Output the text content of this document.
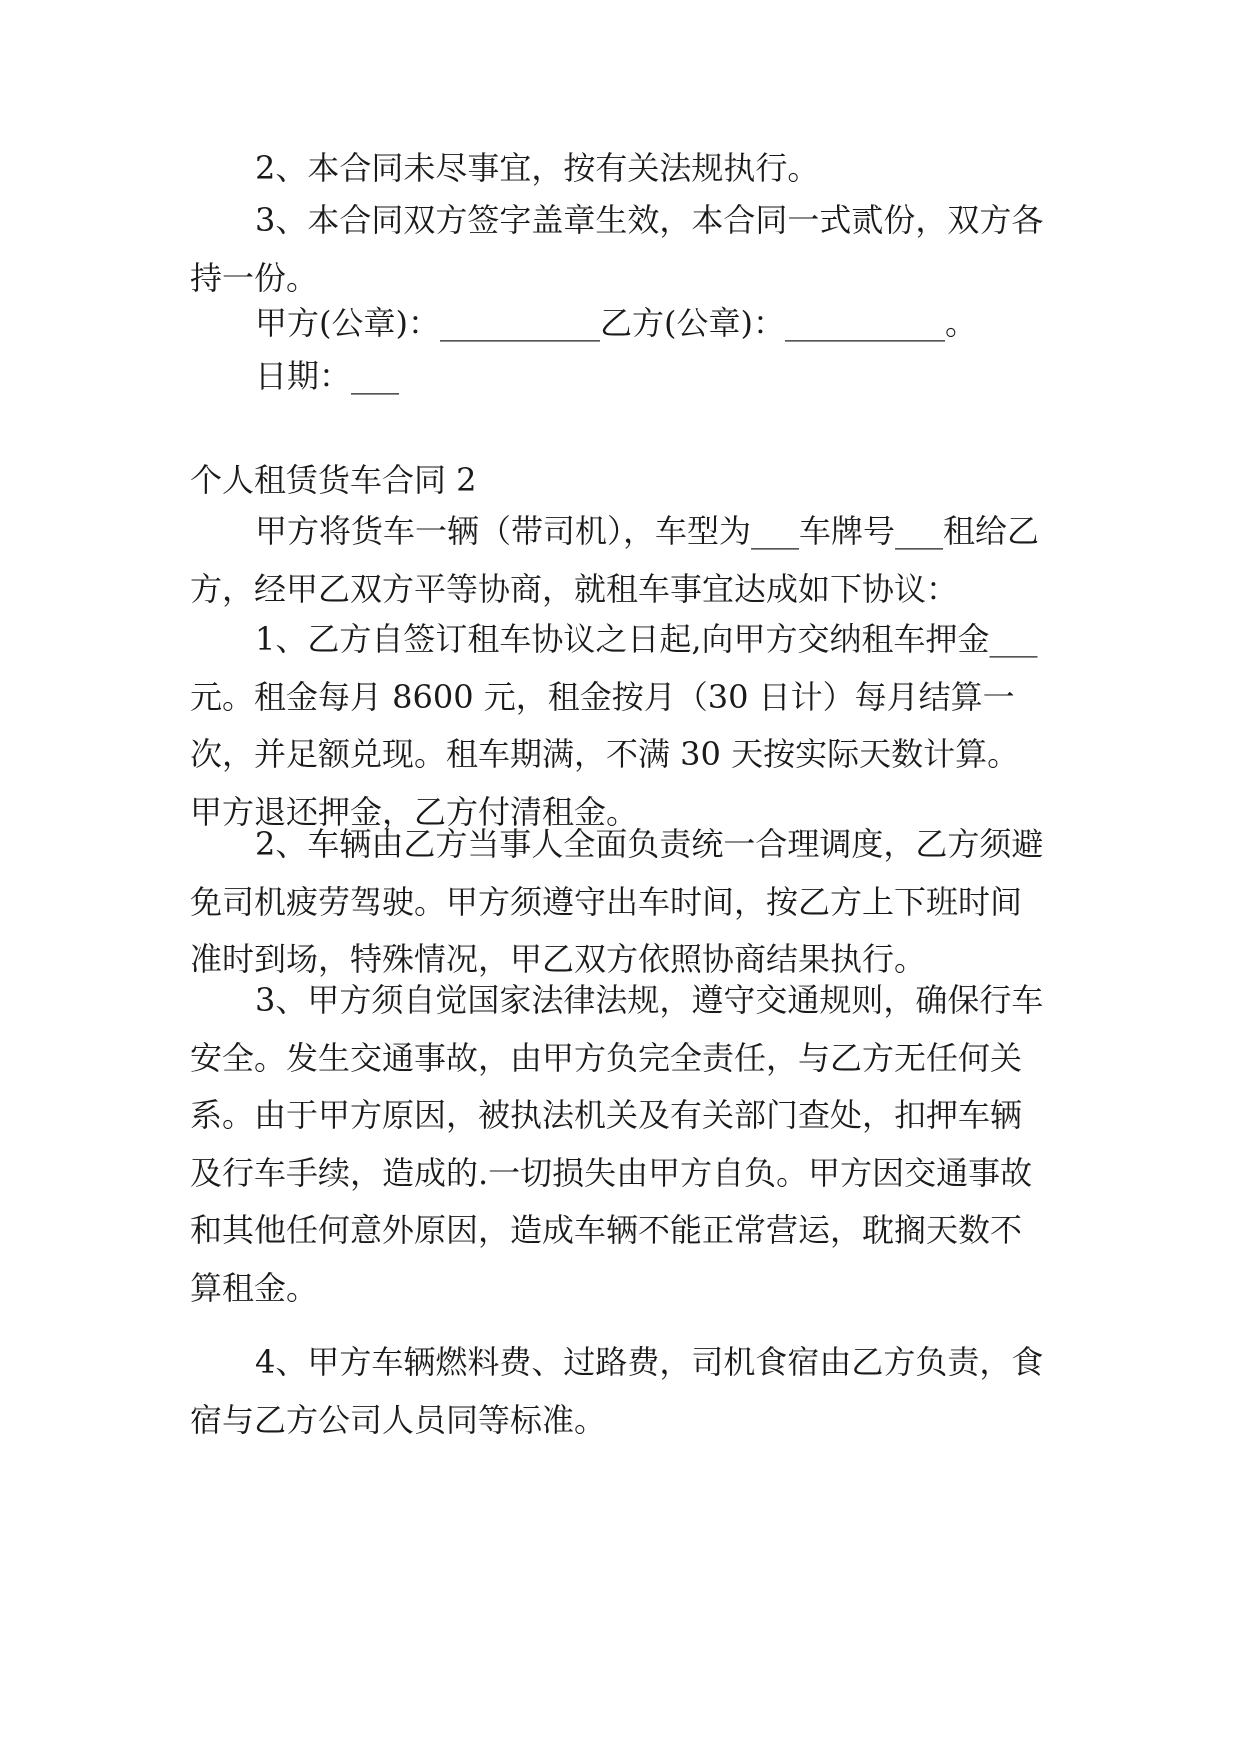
2、本合同未尽事宜，按有关法规执行。

3、本合同双方签字盖章生效，本合同一式贰份，双方各持一份。

甲方(公章)：__________乙方(公章)：__________。

日期：___

个人租赁货车合同 2

甲方将货车一辆（带司机），车型为___车牌号___租给乙方，经甲乙双方平等协商，就租车事宜达成如下协议：

1、乙方自签订租车协议之日起,向甲方交纳租车押金___元。租金每月 8600 元，租金按月（30 日计）每月结算一次，并足额兑现。租车期满，不满 30 天按实际天数计算。甲方退还押金，乙方付清租金。

2、车辆由乙方当事人全面负责统一合理调度，乙方须避免司机疲劳驾驶。甲方须遵守出车时间，按乙方上下班时间准时到场，特殊情况，甲乙双方依照协商结果执行。

3、甲方须自觉国家法律法规，遵守交通规则，确保行车安全。发生交通事故，由甲方负完全责任，与乙方无任何关系。由于甲方原因，被执法机关及有关部门查处，扣押车辆及行车手续，造成的.一切损失由甲方自负。甲方因交通事故和其他任何意外原因，造成车辆不能正常营运，耽搁天数不算租金。

4、甲方车辆燃料费、过路费，司机食宿由乙方负责，食宿与乙方公司人员同等标准。
